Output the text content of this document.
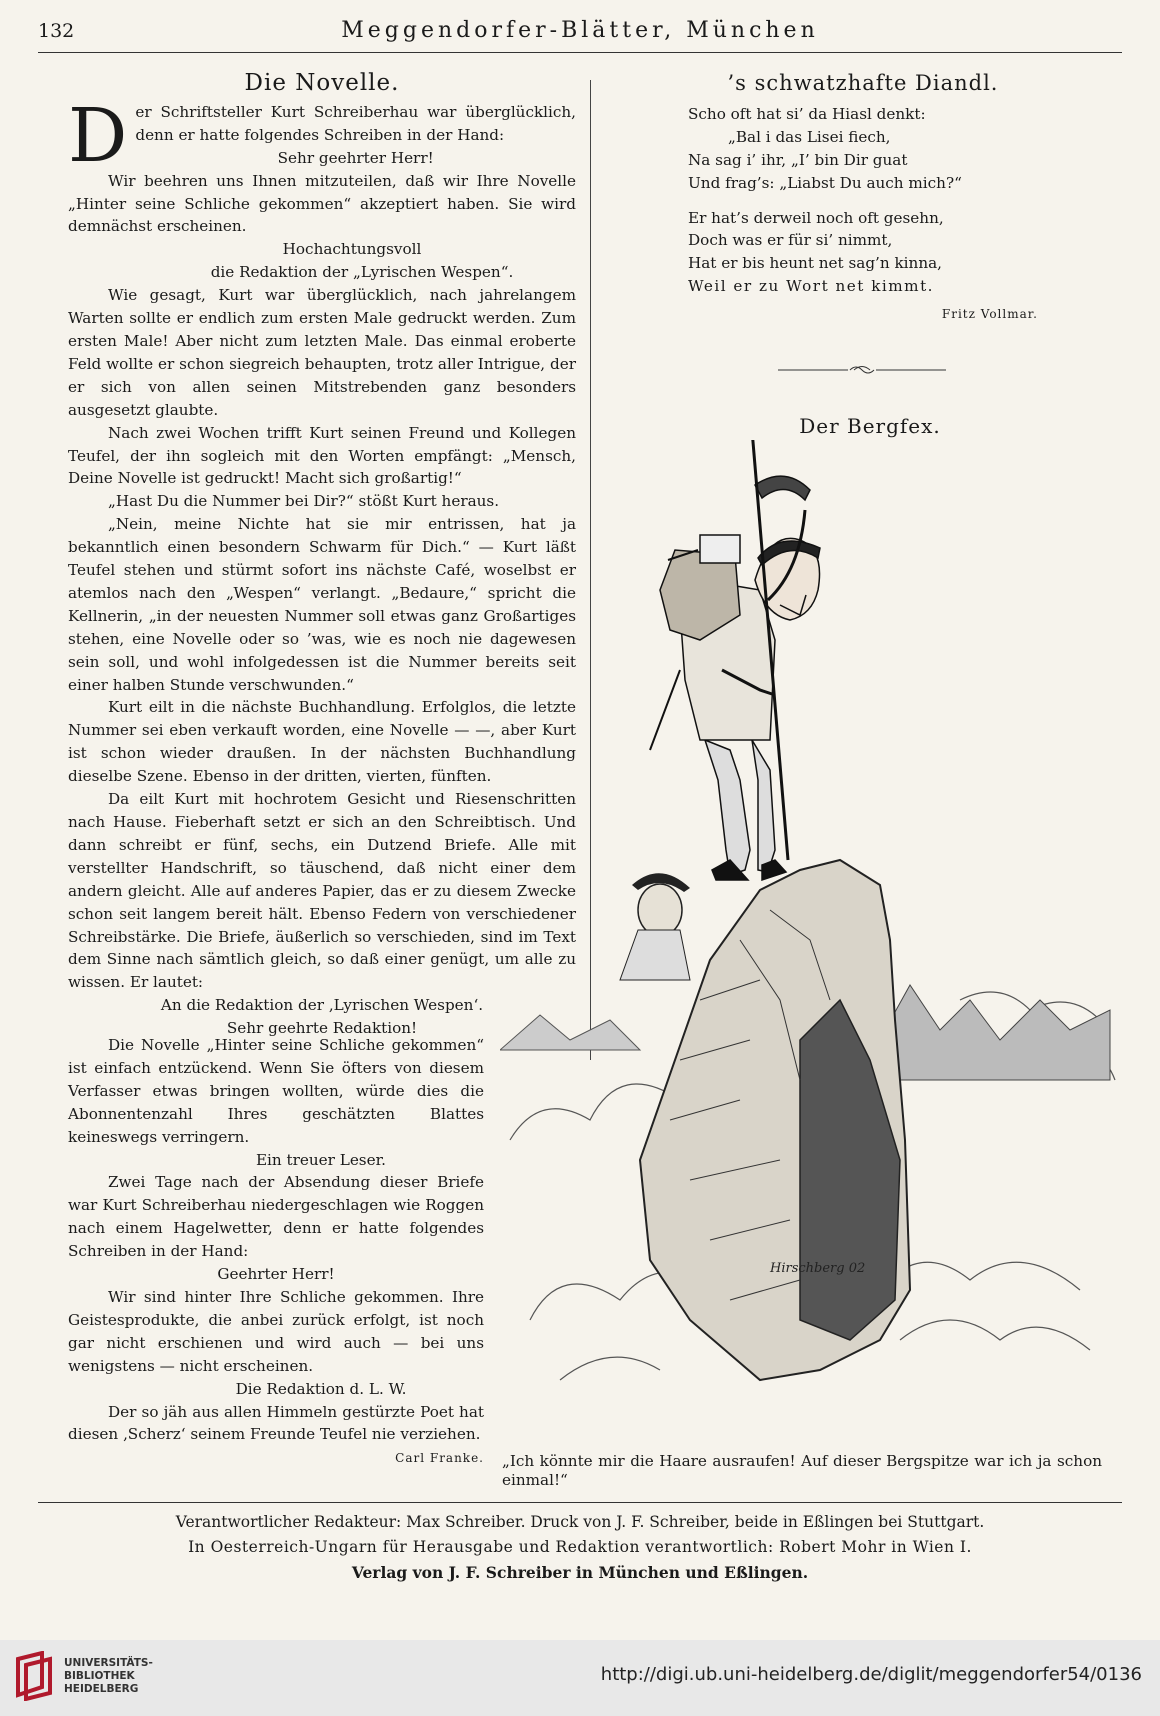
132	Meggendorfer-Blätter, München
Die Novelle.

D er Schriftsteller Kurt Schreiberhau war überglücklich, denn er hatte folgendes Schreiben in der Hand:

Sehr geehrter Herr!

Wir beehren uns Ihnen mitzuteilen, daß wir Ihre Novelle „Hinter seine Schliche gekommen“ akzeptiert haben. Sie wird demnächst erscheinen.

Hochachtungsvoll

die Redaktion der „Lyrischen Wespen“.

Wie gesagt, Kurt war überglücklich, nach jahrelangem Warten sollte er endlich zum ersten Male gedruckt werden. Zum ersten Male! Aber nicht zum letzten Male. Das einmal eroberte Feld wollte er schon siegreich behaupten, trotz aller Intrigue, der er sich von allen seinen Mitstrebenden ganz besonders ausgesetzt glaubte.

Nach zwei Wochen trifft Kurt seinen Freund und Kollegen Teufel, der ihn sogleich mit den Worten empfängt: „Mensch, Deine Novelle ist gedruckt! Macht sich großartig!“

„Hast Du die Nummer bei Dir?“ stößt Kurt heraus.

„Nein, meine Nichte hat sie mir entrissen, hat ja bekanntlich einen besondern Schwarm für Dich.“ — Kurt läßt Teufel stehen und stürmt sofort ins nächste Café, woselbst er atemlos nach den „Wespen“ verlangt. „Bedaure,“ spricht die Kellnerin, „in der neuesten Nummer soll etwas ganz Großartiges stehen, eine Novelle oder so ’was, wie es noch nie dagewesen sein soll, und wohl infolgedessen ist die Nummer bereits seit einer halben Stunde verschwunden.“

Kurt eilt in die nächste Buchhandlung. Erfolglos, die letzte Nummer sei eben verkauft worden, eine Novelle — —, aber Kurt ist schon wieder draußen. In der nächsten Buchhandlung dieselbe Szene. Ebenso in der dritten, vierten, fünften.

Da eilt Kurt mit hochrotem Gesicht und Riesenschritten nach Hause. Fieberhaft setzt er sich an den Schreibtisch. Und dann schreibt er fünf, sechs, ein Dutzend Briefe. Alle mit verstellter Handschrift, so täuschend, daß nicht einer dem andern gleicht. Alle auf anderes Papier, das er zu diesem Zwecke schon seit langem bereit hält. Ebenso Federn von verschiedener Schreibstärke. Die Briefe, äußerlich so verschieden, sind im Text dem Sinne nach sämtlich gleich, so daß einer genügt, um alle zu wissen. Er lautet:

An die Redaktion der ‚Lyrischen Wespen‘.

Sehr geehrte Redaktion!

Die Novelle „Hinter seine Schliche gekommen“ ist einfach entzückend. Wenn Sie öfters von diesem Verfasser etwas bringen wollten, würde dies die Abonnentenzahl Ihres geschätzten Blattes keineswegs verringern.

Ein treuer Leser.

Zwei Tage nach der Absendung dieser Briefe war Kurt Schreiberhau niedergeschlagen wie Roggen nach einem Hagelwetter, denn er hatte folgendes Schreiben in der Hand:

Geehrter Herr!

Wir sind hinter Ihre Schliche gekommen. Ihre Geistesprodukte, die anbei zurück erfolgt, ist noch gar nicht erschienen und wird auch — bei uns wenigstens — nicht erscheinen.

Die Redaktion d. L. W.

Der so jäh aus allen Himmeln gestürzte Poet hat diesen ‚Scherz‘ seinem Freunde Teufel nie verziehen.

Carl Franke.

’s schwatzhafte Diandl.

Scho oft hat si’ da Hiasl denkt:

„Bal i das Lisei fiech,

Na sag i’ ihr, „I’ bin Dir guat

Und frag’s: „Liabst Du auch mich?“

Er hat’s derweil noch oft gesehn,

Doch was er für si’ nimmt,

Hat er bis heunt net sag’n kinna,

Weil er zu Wort net kimmt.

Fritz Vollmar.

Der Bergfex.
Hirschberg 02
„Ich könnte mir die Haare ausraufen! Auf dieser Bergspitze war ich ja schon einmal!“
Verantwortlicher Redakteur: Max Schreiber. Druck von J. F. Schreiber, beide in Eßlingen bei Stuttgart.
In Oesterreich-Ungarn für Herausgabe und Redaktion verantwortlich: Robert Mohr in Wien I.
Verlag von J. F. Schreiber in München und Eßlingen.
UNIVERSITÄTS-
BIBLIOTHEK
HEIDELBERG
http://digi.ub.uni-heidelberg.de/diglit/meggendorfer54/0136
